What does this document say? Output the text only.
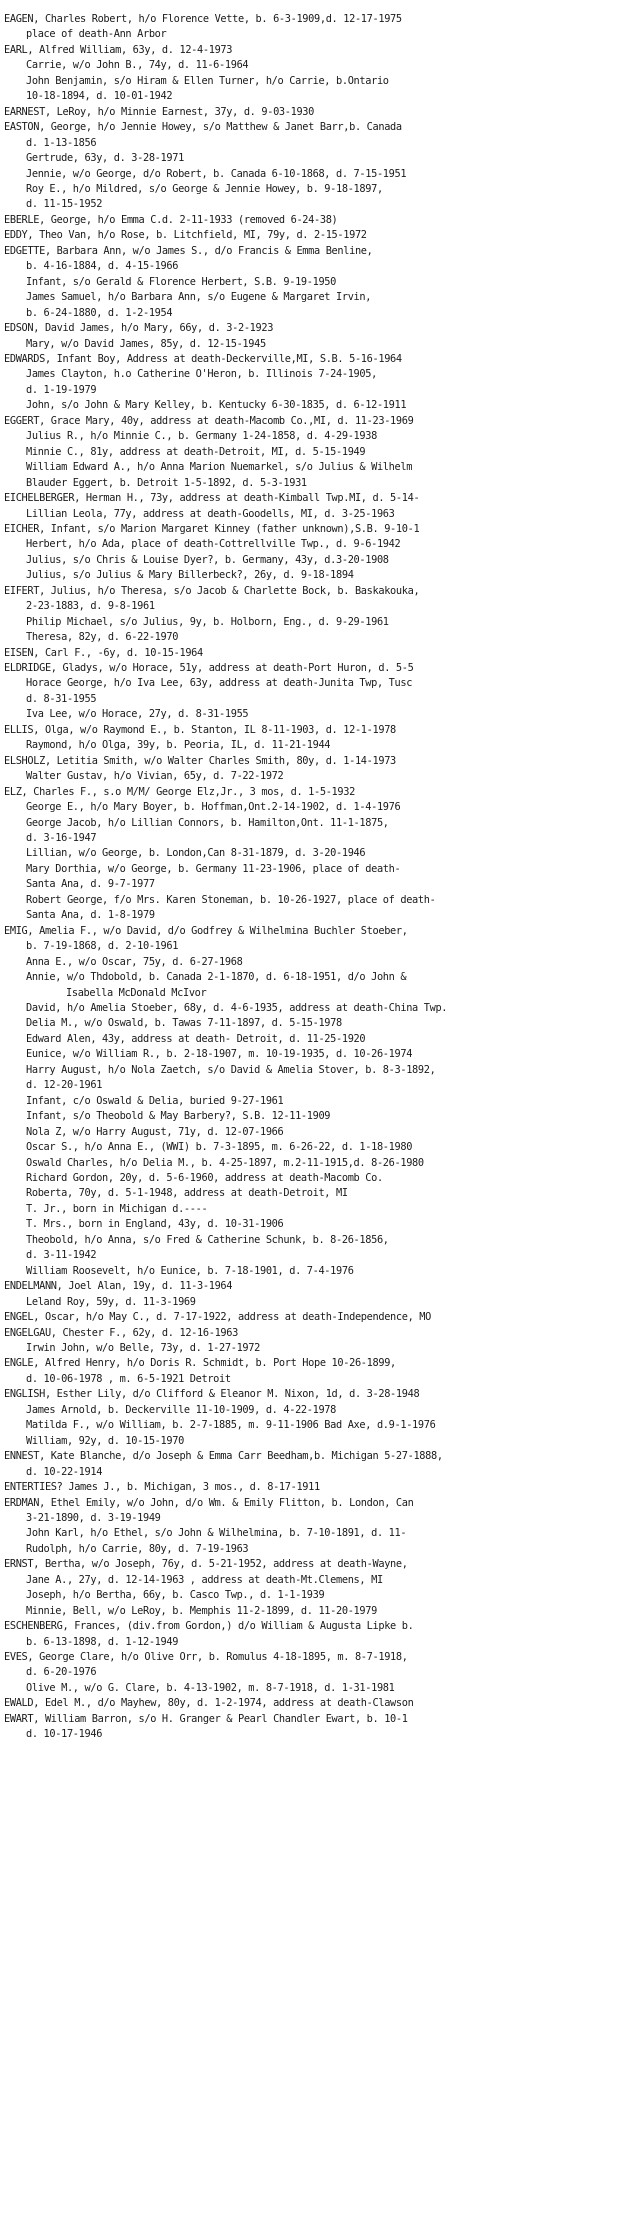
EAGEN, Charles Robert, h/o Florence Vette, b. 6-3-1909,d. 12-17-1975
place of death-Ann Arbor
EARL, Alfred William, 63y, d. 12-4-1973
Carrie, w/o John B., 74y, d. 11-6-1964
John Benjamin, s/o Hiram & Ellen Turner, h/o Carrie, b.Ontario
10-18-1894, d. 10-01-1942
EARNEST, LeRoy, h/o Minnie Earnest, 37y, d. 9-03-1930
EASTON, George, h/o Jennie Howey, s/o Matthew & Janet Barr,b. Canada
d. 1-13-1856
Gertrude, 63y, d. 3-28-1971
Jennie, w/o George, d/o Robert, b. Canada 6-10-1868, d. 7-15-1951
Roy E., h/o Mildred, s/o George & Jennie Howey, b. 9-18-1897,
d. 11-15-1952
EBERLE, George, h/o Emma C.d. 2-11-1933 (removed 6-24-38)
EDDY, Theo Van, h/o Rose, b. Litchfield, MI, 79y, d. 2-15-1972
EDGETTE, Barbara Ann, w/o James S., d/o Francis & Emma Benline,
b. 4-16-1884, d. 4-15-1966
Infant, s/o Gerald & Florence Herbert, S.B. 9-19-1950
James Samuel, h/o Barbara Ann, s/o Eugene & Margaret Irvin,
b. 6-24-1880, d. 1-2-1954
EDSON, David James, h/o Mary, 66y, d. 3-2-1923
Mary, w/o David James, 85y, d. 12-15-1945
EDWARDS, Infant Boy, Address at death-Deckerville,MI, S.B. 5-16-1964
James Clayton, h.o Catherine O'Heron, b. Illinois 7-24-1905,
d. 1-19-1979
John, s/o John & Mary Kelley, b. Kentucky 6-30-1835, d. 6-12-1911
EGGERT, Grace Mary, 40y, address at death-Macomb Co.,MI, d. 11-23-1969
Julius R., h/o Minnie C., b. Germany 1-24-1858, d. 4-29-1938
Minnie C., 81y, address at death-Detroit, MI, d. 5-15-1949
William Edward A., h/o Anna Marion Nuemarkel, s/o Julius & Wilhelm
Blauder Eggert, b. Detroit 1-5-1892, d. 5-3-1931
EICHELBERGER, Herman H., 73y, address at death-Kimball Twp.MI, d. 5-14-
Lillian Leola, 77y, address at death-Goodells, MI, d. 3-25-1963
EICHER, Infant, s/o Marion Margaret Kinney (father unknown),S.B. 9-10-1
Herbert, h/o Ada, place of death-Cottrellville Twp., d. 9-6-1942
Julius, s/o Chris & Louise Dyer?, b. Germany, 43y, d.3-20-1908
Julius, s/o Julius & Mary Billerbeck?, 26y, d. 9-18-1894
EIFERT, Julius, h/o Theresa, s/o Jacob & Charlette Bock, b. Baskakouka,
2-23-1883, d. 9-8-1961
Philip Michael, s/o Julius, 9y, b. Holborn, Eng., d. 9-29-1961
Theresa, 82y, d. 6-22-1970
EISEN, Carl F., -6y, d. 10-15-1964
ELDRIDGE, Gladys, w/o Horace, 51y, address at death-Port Huron, d. 5-5
Horace George, h/o Iva Lee, 63y, address at death-Junita Twp, Tusc
d. 8-31-1955
Iva Lee, w/o Horace, 27y, d. 8-31-1955
ELLIS, Olga, w/o Raymond E., b. Stanton, IL 8-11-1903, d. 12-1-1978
Raymond, h/o Olga, 39y, b. Peoria, IL, d. 11-21-1944
ELSHOLZ, Letitia Smith, w/o Walter Charles Smith, 80y, d. 1-14-1973
Walter Gustav, h/o Vivian, 65y, d. 7-22-1972
ELZ, Charles F., s.o M/M/ George Elz,Jr., 3 mos, d. 1-5-1932
George E., h/o Mary Boyer, b. Hoffman,Ont.2-14-1902, d. 1-4-1976
George Jacob, h/o Lillian Connors, b. Hamilton,Ont. 11-1-1875,
d. 3-16-1947
Lillian, w/o George, b. London,Can 8-31-1879, d. 3-20-1946
Mary Dorthia, w/o George, b. Germany 11-23-1906, place of death-
Santa Ana, d. 9-7-1977
Robert George, f/o Mrs. Karen Stoneman, b. 10-26-1927, place of death-
Santa Ana, d. 1-8-1979
EMIG, Amelia F., w/o David, d/o Godfrey & Wilhelmina Buchler Stoeber,
b. 7-19-1868, d. 2-10-1961
Anna E., w/o Oscar, 75y, d. 6-27-1968
Annie, w/o Thdobold, b. Canada 2-1-1870, d. 6-18-1951, d/o John &
Isabella McDonald McIvor
David, h/o Amelia Stoeber, 68y, d. 4-6-1935, address at death-China Twp.
Delia M., w/o Oswald, b. Tawas 7-11-1897, d. 5-15-1978
Edward Alen, 43y, address at death- Detroit, d. 11-25-1920
Eunice, w/o William R., b. 2-18-1907, m. 10-19-1935, d. 10-26-1974
Harry August, h/o Nola Zaetch, s/o David & Amelia Stover, b. 8-3-1892,
d. 12-20-1961
Infant, c/o Oswald & Delia, buried 9-27-1961
Infant, s/o Theobold & May Barbery?, S.B. 12-11-1909
Nola Z, w/o Harry August, 71y, d. 12-07-1966
Oscar S., h/o Anna E., (WWI) b. 7-3-1895, m. 6-26-22, d. 1-18-1980
Oswald Charles, h/o Delia M., b. 4-25-1897, m.2-11-1915,d. 8-26-1980
Richard Gordon, 20y, d. 5-6-1960, address at death-Macomb Co.
Roberta, 70y, d. 5-1-1948, address at death-Detroit, MI
T. Jr., born in Michigan d.----
T. Mrs., born in England, 43y, d. 10-31-1906
Theobold, h/o Anna, s/o Fred & Catherine Schunk, b. 8-26-1856,
d. 3-11-1942
William Roosevelt, h/o Eunice, b. 7-18-1901, d. 7-4-1976
ENDELMANN, Joel Alan, 19y, d. 11-3-1964
Leland Roy, 59y, d. 11-3-1969
ENGEL, Oscar, h/o May C., d. 7-17-1922, address at death-Independence, MO
ENGELGAU, Chester F., 62y, d. 12-16-1963
Irwin John, w/o Belle, 73y, d. 1-27-1972
ENGLE, Alfred Henry, h/o Doris R. Schmidt, b. Port Hope 10-26-1899,
d. 10-06-1978 , m. 6-5-1921 Detroit
ENGLISH, Esther Lily, d/o Clifford & Eleanor M. Nixon, 1d, d. 3-28-1948
James Arnold, b. Deckerville 11-10-1909, d. 4-22-1978
Matilda F., w/o William, b. 2-7-1885, m. 9-11-1906 Bad Axe, d.9-1-1976
William, 92y, d. 10-15-1970
ENNEST, Kate Blanche, d/o Joseph & Emma Carr Beedham,b. Michigan 5-27-1888,
d. 10-22-1914
ENTERTIES? James J., b. Michigan, 3 mos., d. 8-17-1911
ERDMAN, Ethel Emily, w/o John, d/o Wm. & Emily Flitton, b. London, Can
3-21-1890, d. 3-19-1949
John Karl, h/o Ethel, s/o John & Wilhelmina, b. 7-10-1891, d. 11-
Rudolph, h/o Carrie, 80y, d. 7-19-1963
ERNST, Bertha, w/o Joseph, 76y, d. 5-21-1952, address at death-Wayne,
Jane A., 27y, d. 12-14-1963 , address at death-Mt.Clemens, MI
Joseph, h/o Bertha, 66y, b. Casco Twp., d. 1-1-1939
Minnie, Bell, w/o LeRoy, b. Memphis 11-2-1899, d. 11-20-1979
ESCHENBERG, Frances, (div.from Gordon,) d/o William & Augusta Lipke b.
b. 6-13-1898, d. 1-12-1949
EVES, George Clare, h/o Olive Orr, b. Romulus 4-18-1895, m. 8-7-1918,
d. 6-20-1976
Olive M., w/o G. Clare, b. 4-13-1902, m. 8-7-1918, d. 1-31-1981
EWALD, Edel M., d/o Mayhew, 80y, d. 1-2-1974, address at death-Clawson
EWART, William Barron, s/o H. Granger & Pearl Chandler Ewart, b. 10-1
d. 10-17-1946
